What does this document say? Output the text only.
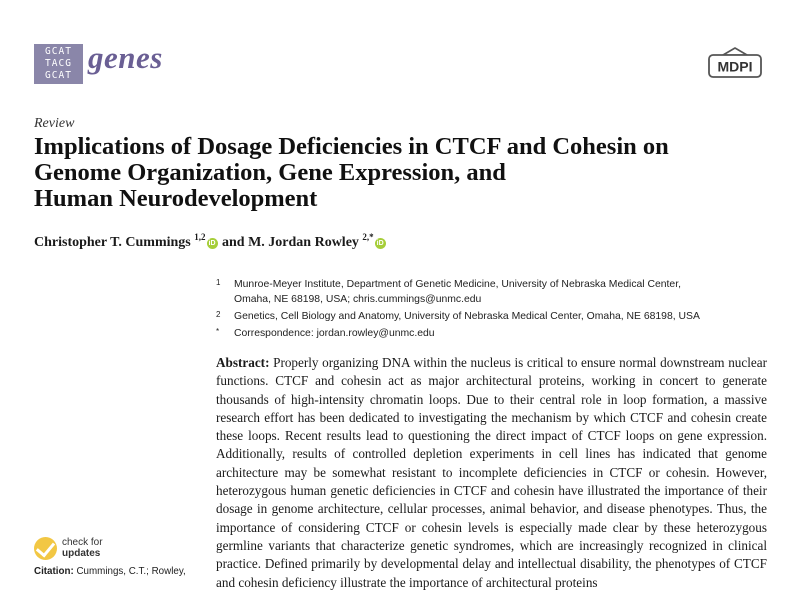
GCAT
TACG
GCAT
genes	MDPI
Review
Implications of Dosage Deficiencies in CTCF and Cohesin on
Genome Organization, Gene Expression, and
Human Neurodevelopment
Christopher T. Cummings $^{1,2}$iD and M. Jordan Rowley $^{2,*}$iD
1 Munroe-Meyer Institute, Department of Genetic Medicine, University of Nebraska Medical Center,
Omaha, NE 68198, USA; chris.cummings@unmc.edu
2 Genetics, Cell Biology and Anatomy, University of Nebraska Medical Center, Omaha, NE 68198, USA
* Correspondence: jordan.rowley@unmc.edu
Abstract: Properly organizing DNA within the nucleus is critical to ensure normal downstream nuclear functions. CTCF and cohesin act as major architectural proteins, working in concert to generate thousands of high-intensity chromatin loops. Due to their central role in loop formation, a massive research effort has been dedicated to investigating the mechanism by which CTCF and cohesin create these loops. Recent results lead to questioning the direct impact of CTCF loops on gene expression. Additionally, results of controlled depletion experiments in cell lines has indicated that genome architecture may be somewhat resistant to incomplete deficiencies in CTCF or cohesin. However, heterozygous human genetic deficiencies in CTCF and cohesin have illustrated the importance of their dosage in genome architecture, cellular processes, animal behavior, and disease phenotypes. Thus, the importance of considering CTCF or cohesin levels is especially made clear by these heterozygous germline variants that characterize genetic syndromes, which are increasingly recognized in clinical practice. Defined primarily by developmental delay and intellectual disability, the phenotypes of CTCF and cohesin deficiency illustrate the importance of architectural proteins
check for
updates
Citation: Cummings, C.T.; Rowley,
